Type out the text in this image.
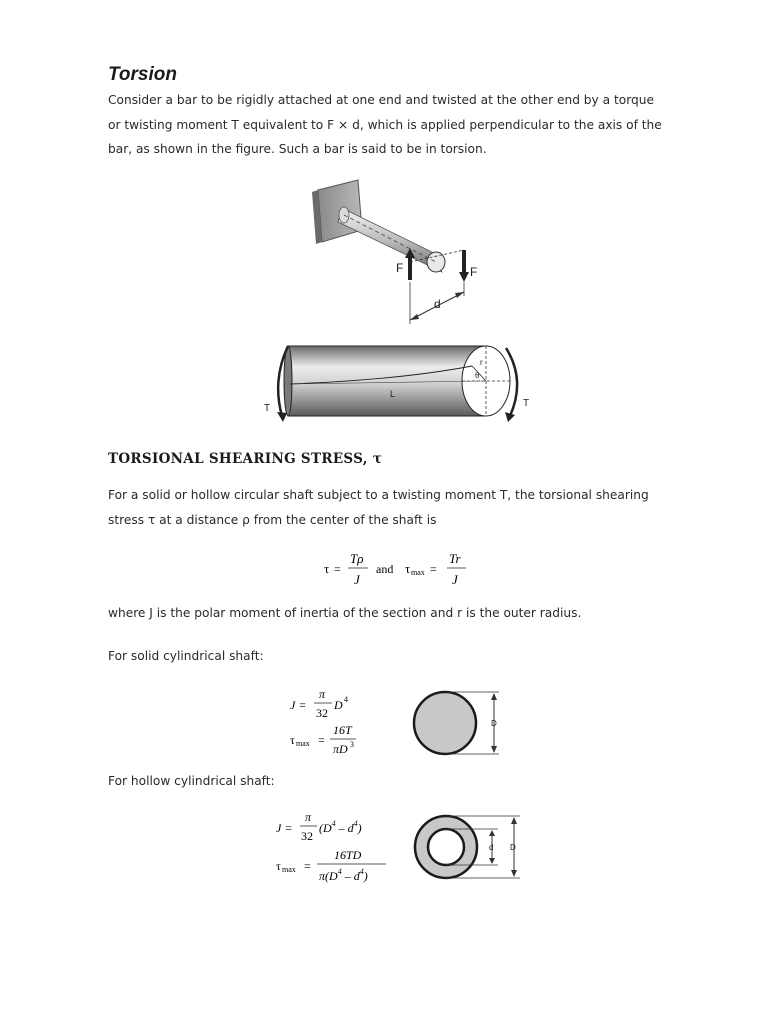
Torsion
Consider a bar to be rigidly attached at one end and twisted at the other end by a torque
or twisting moment T equivalent to F × d, which is applied perpendicular to the axis of the
bar, as shown in the figure. Such a bar is said to be in torsion.
F	F
d
T	T
L
r
θ
TORSIONAL SHEARING STRESS, τ
For a solid or hollow circular shaft subject to a twisting moment T, the torsional shearing
stress τ at a distance ρ from the center of the shaft is
τ =
Tρ
J
and τ max =
Tr
J
where J is the polar moment of inertia of the section and r is the outer radius.
For solid cylindrical shaft:
J =
π
32
D 4
τ max =
16T
πD 3
D
For hollow cylindrical shaft:
J =
π
32
$(D^4 - d^4)$
τ max =
16TD
$\pi(D^4 - d^4)$
d D
